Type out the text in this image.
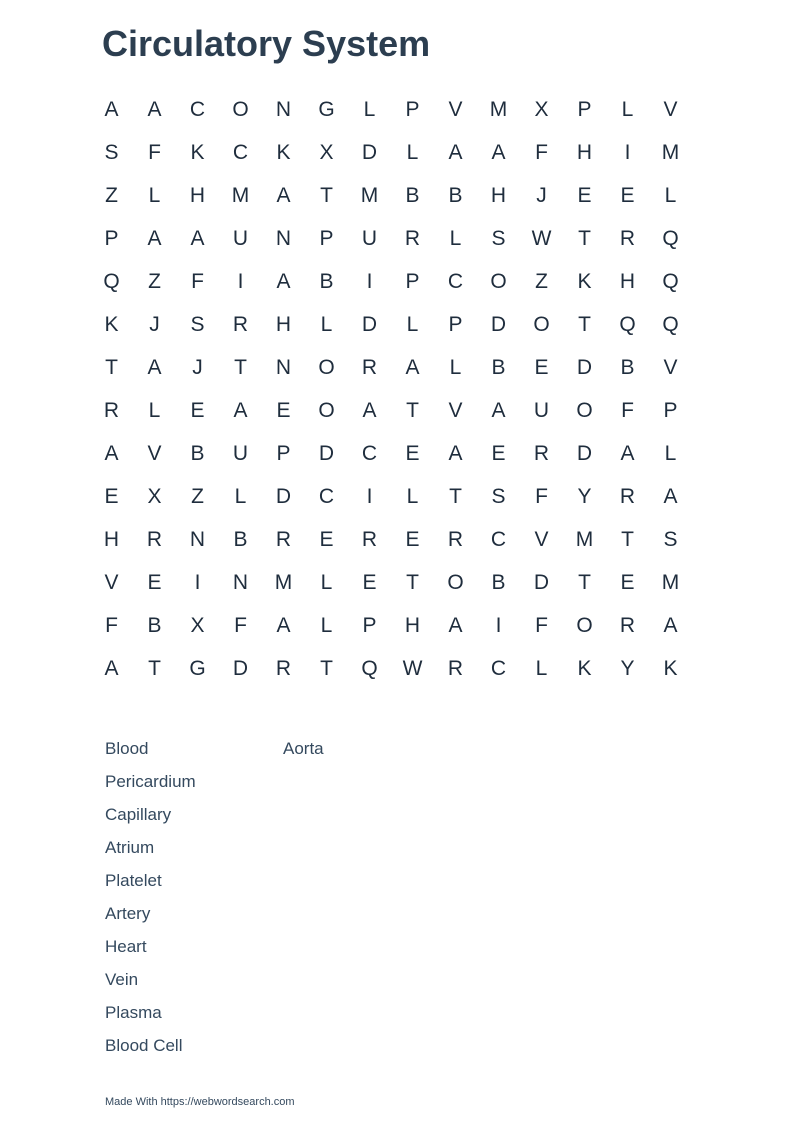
Circulatory System
A	A	C	O	N	G	L	P	V	M	X	P	L	V
S	F	K	C	K	X	D	L	A	A	F	H	I	M
Z	L	H	M	A	T	M	B	B	H	J	E	E	L
P	A	A	U	N	P	U	R	L	S	W	T	R	Q
Q	Z	F	I	A	B	I	P	C	O	Z	K	H	Q
K	J	S	R	H	L	D	L	P	D	O	T	Q	Q
T	A	J	T	N	O	R	A	L	B	E	D	B	V
R	L	E	A	E	O	A	T	V	A	U	O	F	P
A	V	B	U	P	D	C	E	A	E	R	D	A	L
E	X	Z	L	D	C	I	L	T	S	F	Y	R	A
H	R	N	B	R	E	R	E	R	C	V	M	T	S
V	E	I	N	M	L	E	T	O	B	D	T	E	M
F	B	X	F	A	L	P	H	A	I	F	O	R	A
A	T	G	D	R	T	Q	W	R	C	L	K	Y	K
Blood
Pericardium
Capillary
Atrium
Platelet
Artery
Heart
Vein
Plasma
Blood Cell
Aorta
Made With https://webwordsearch.com
